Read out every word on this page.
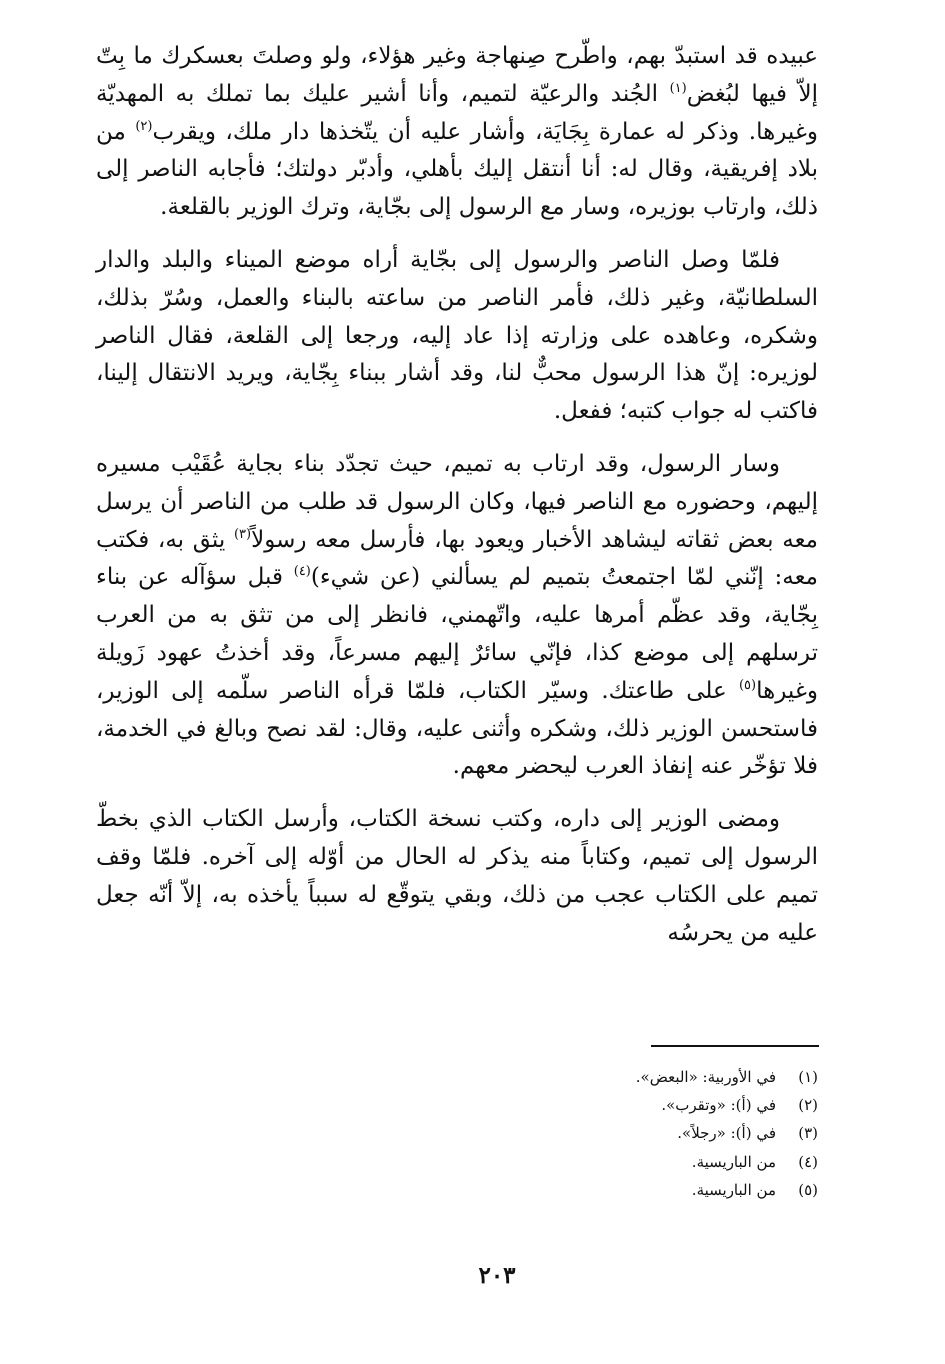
عبيده قد استبدّ بهم، واطّرح صِنهاجة وغير هؤلاء، ولو وصلتَ بعسكرك ما بِتّ إلاّ فيها لبُغض$^{(١)}$ الجُند والرعيّة لتميم، وأنا أشير عليك بما تملك به المهديّة وغيرها. وذكر له عمارة بِجَايَة، وأشار عليه أن يتّخذها دار ملك، ويقرب$^{(٢)}$ من بلاد إفريقية، وقال له: أنا أنتقل إليك بأهلي، وأدبّر دولتك؛ فأجابه الناصر إلى ذلك، وارتاب بوزيره، وسار مع الرسول إلى بجّاية، وترك الوزير بالقلعة.

فلمّا وصل الناصر والرسول إلى بجّاية أراه موضع الميناء والبلد والدار السلطانيّة، وغير ذلك، فأمر الناصر من ساعته بالبناء والعمل، وسُرّ بذلك، وشكره، وعاهده على وزارته إذا عاد إليه، ورجعا إلى القلعة، فقال الناصر لوزيره: إنّ هذا الرسول محبٌّ لنا، وقد أشار ببناء بِجّاية، ويريد الانتقال إلينا، فاكتب له جواب كتبه؛ ففعل.

وسار الرسول، وقد ارتاب به تميم، حيث تجدّد بناء بجاية عُقَيْب مسيره إليهم، وحضوره مع الناصر فيها، وكان الرسول قد طلب من الناصر أن يرسل معه بعض ثقاته ليشاهد الأخبار ويعود بها، فأرسل معه رسولاً$^{(٣)}$ يثق به، فكتب معه: إنّني لمّا اجتمعتُ بتميم لم يسألني (عن شيء)$^{(٤)}$ قبل سؤآله عن بناء بِجّاية، وقد عظّم أمرها عليه، واتّهمني، فانظر إلى من تثق به من العرب ترسلهم إلى موضع كذا، فإنّي سائرٌ إليهم مسرعاً، وقد أخذتُ عهود زَويلة وغيرها$^{(٥)}$ على طاعتك. وسيّر الكتاب، فلمّا قرأه الناصر سلّمه إلى الوزير، فاستحسن الوزير ذلك، وشكره وأثنى عليه، وقال: لقد نصح وبالغ في الخدمة، فلا تؤخّر عنه إنفاذ العرب ليحضر معهم.

ومضى الوزير إلى داره، وكتب نسخة الكتاب، وأرسل الكتاب الذي بخطّ الرسول إلى تميم، وكتاباً منه يذكر له الحال من أوّله إلى آخره. فلمّا وقف تميم على الكتاب عجب من ذلك، وبقي يتوقّع له سبباً يأخذه به، إلاّ أنّه جعل عليه من يحرسُه

(١)
في الأوربية: «البعض».
(٢)
في (أ): «وتقرب».
(٣)
في (أ): «رجلاً».
(٤)
من الباريسية.
(٥)
من الباريسية.
٢٠٣
